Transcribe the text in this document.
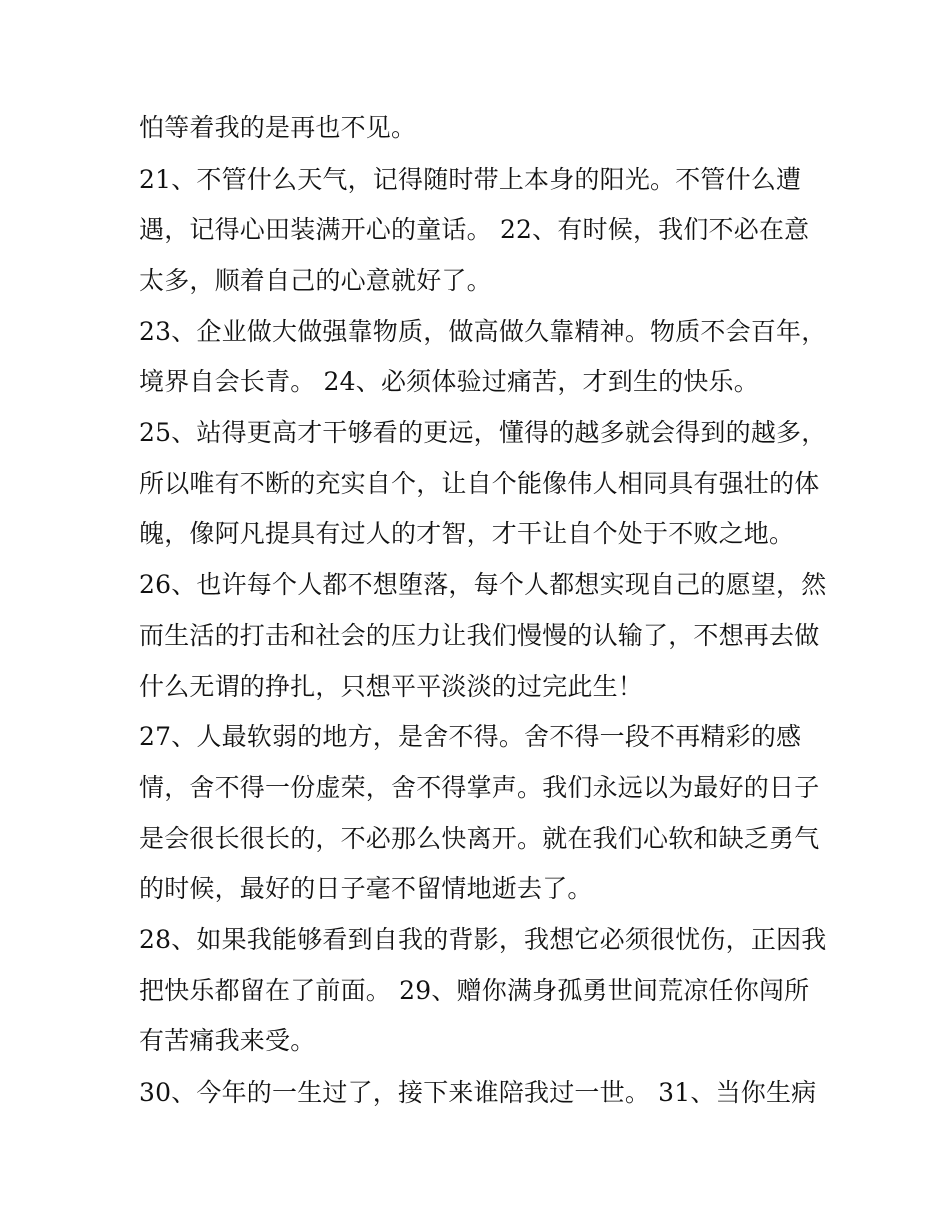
怕等着我的是再也不见。
21、不管什么天气，记得随时带上本身的阳光。不管什么遭
遇，记得心田装满开心的童话。 22、有时候，我们不必在意
太多，顺着自己的心意就好了。
23、企业做大做强靠物质，做高做久靠精神。物质不会百年，
境界自会长青。 24、必须体验过痛苦，才到生的快乐。
25、站得更高才干够看的更远，懂得的越多就会得到的越多，
所以唯有不断的充实自个，让自个能像伟人相同具有强壮的体
魄，像阿凡提具有过人的才智，才干让自个处于不败之地。
26、也许每个人都不想堕落，每个人都想实现自己的愿望，然
而生活的打击和社会的压力让我们慢慢的认输了，不想再去做
什么无谓的挣扎，只想平平淡淡的过完此生！
27、人最软弱的地方，是舍不得。舍不得一段不再精彩的感
情，舍不得一份虚荣，舍不得掌声。我们永远以为最好的日子
是会很长很长的，不必那么快离开。就在我们心软和缺乏勇气
的时候，最好的日子毫不留情地逝去了。
28、如果我能够看到自我的背影，我想它必须很忧伤，正因我
把快乐都留在了前面。 29、赠你满身孤勇世间荒凉任你闯所
有苦痛我来受。
30、今年的一生过了，接下来谁陪我过一世。 31、当你生病
